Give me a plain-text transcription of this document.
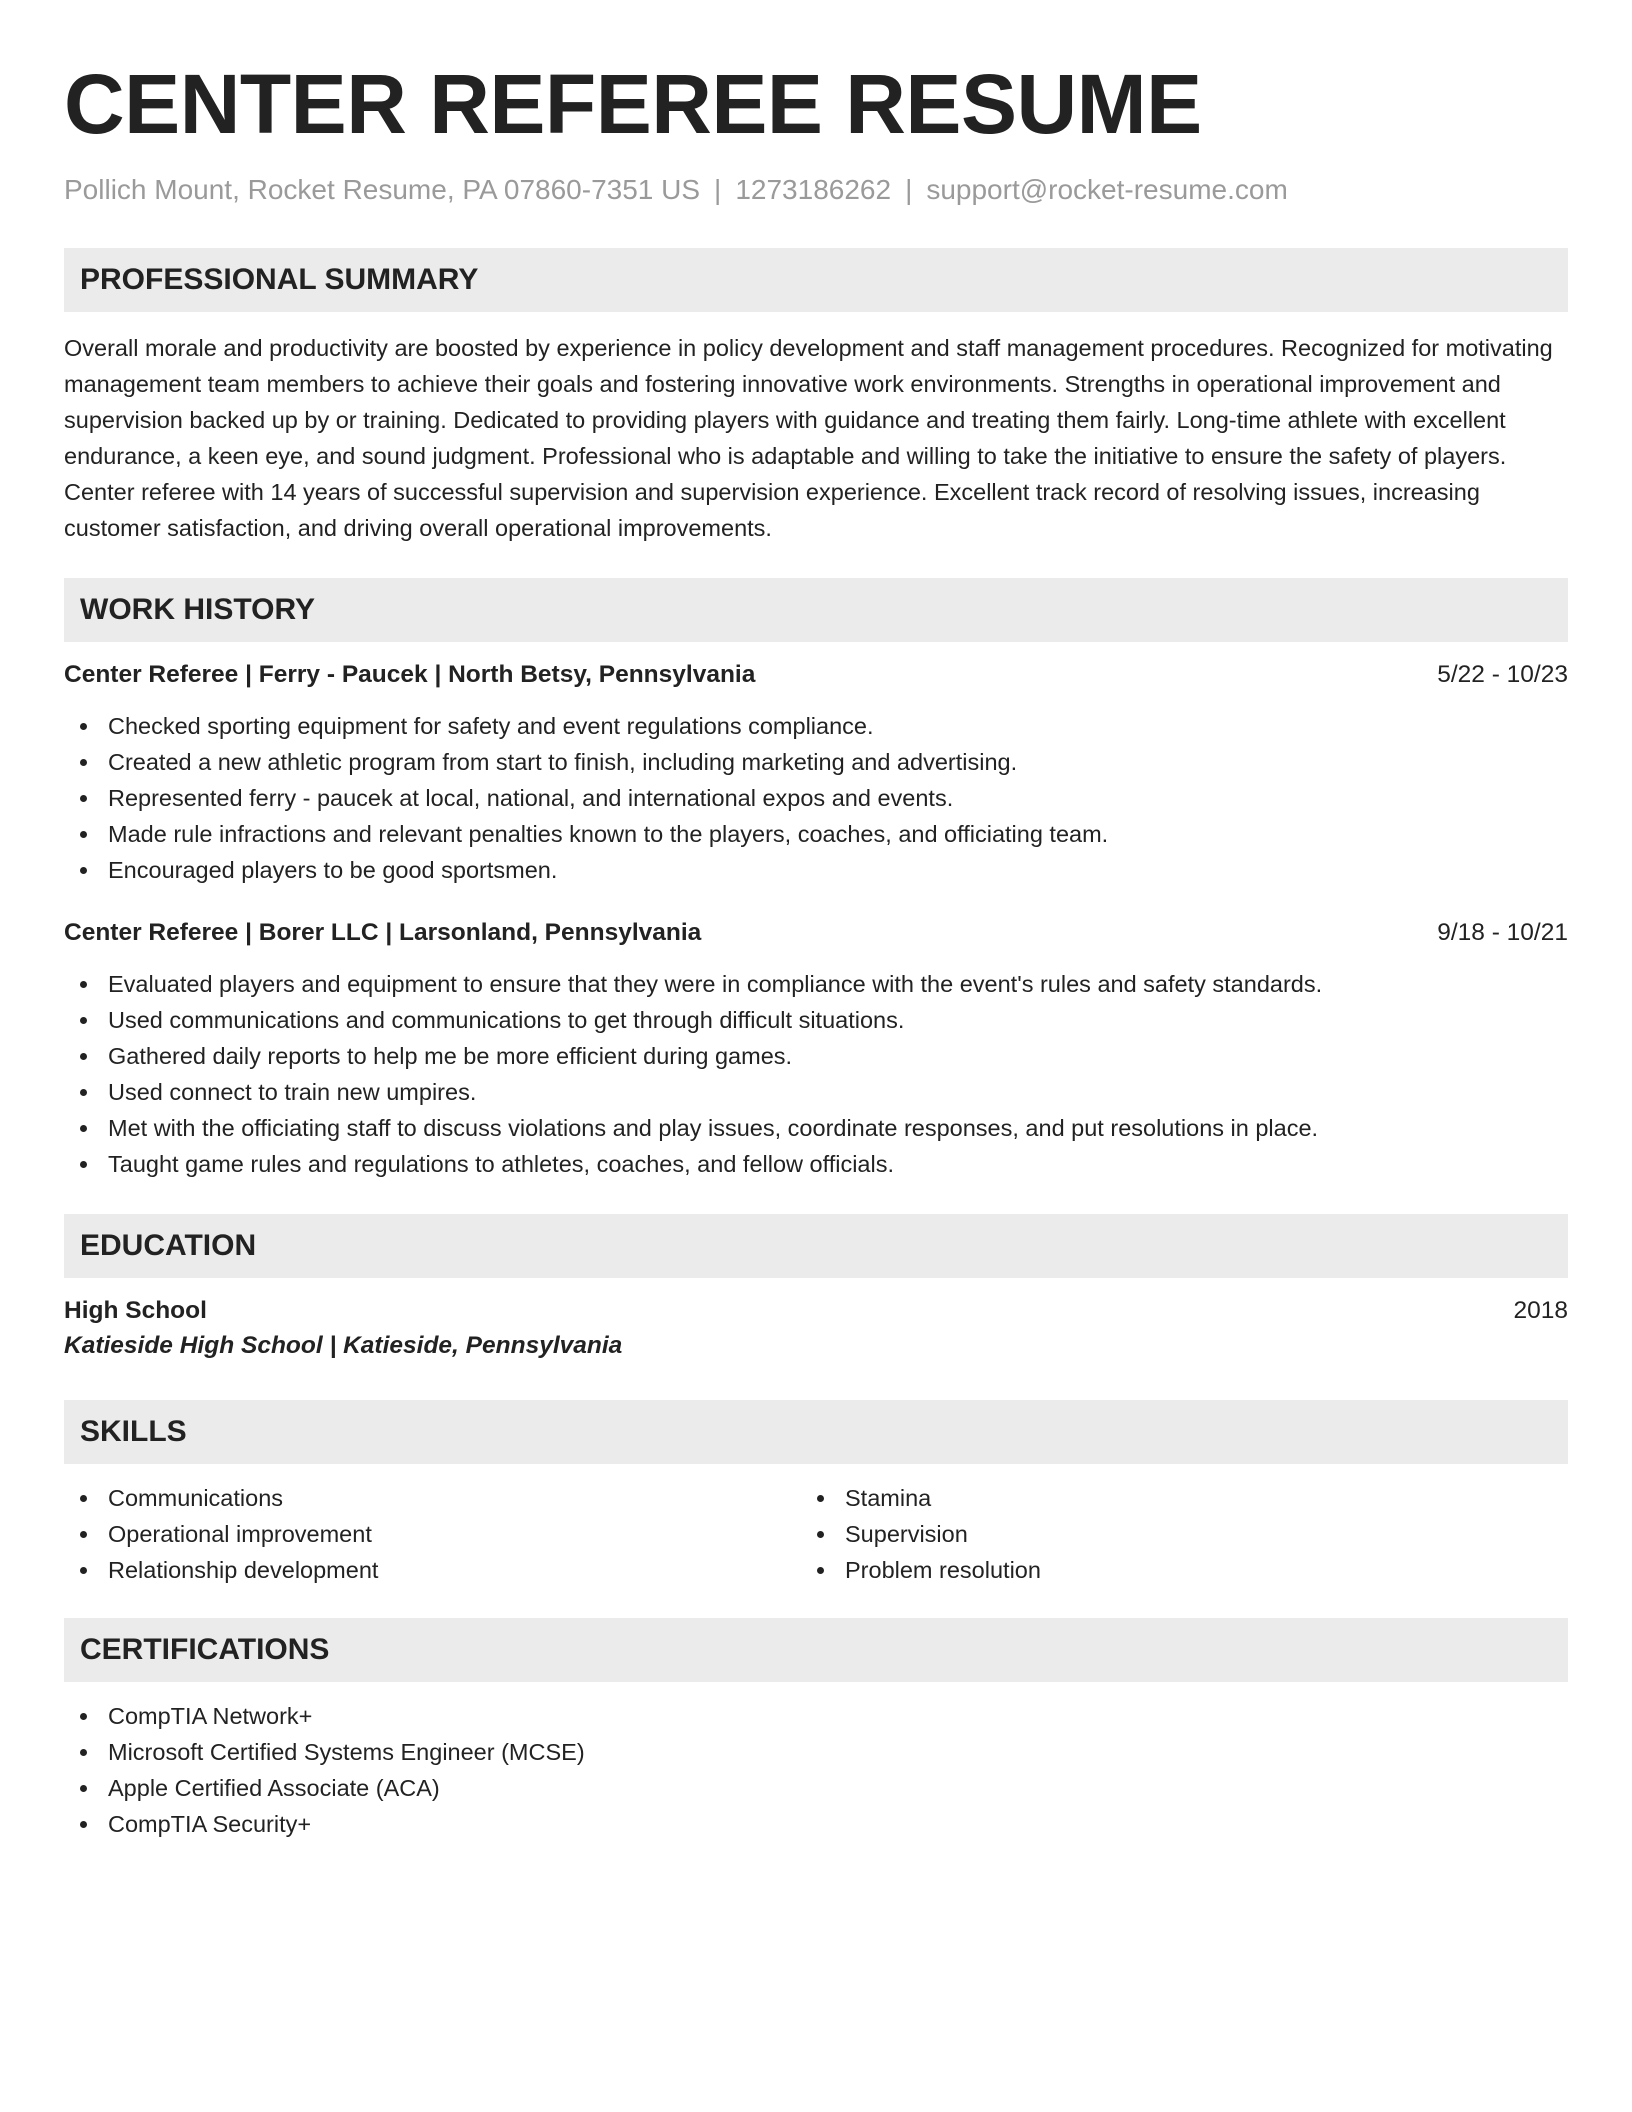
CENTER REFEREE RESUME
Pollich Mount, Rocket Resume, PA 07860-7351 US | 1273186262 | support@rocket-resume.com
PROFESSIONAL SUMMARY

Overall morale and productivity are boosted by experience in policy development and staff management procedures. Recognized for motivating management team members to achieve their goals and fostering innovative work environments. Strengths in operational improvement and supervision backed up by or training. Dedicated to providing players with guidance and treating them fairly. Long-time athlete with excellent endurance, a keen eye, and sound judgment. Professional who is adaptable and willing to take the initiative to ensure the safety of players. Center referee with 14 years of successful supervision and supervision experience. Excellent track record of resolving issues, increasing customer satisfaction, and driving overall operational improvements.

WORK HISTORY
Center Referee | Ferry - Paucek | North Betsy, Pennsylvania	5/22 - 10/23
Checked sporting equipment for safety and event regulations compliance.
Created a new athletic program from start to finish, including marketing and advertising.
Represented ferry - paucek at local, national, and international expos and events.
Made rule infractions and relevant penalties known to the players, coaches, and officiating team.
Encouraged players to be good sportsmen.
Center Referee | Borer LLC | Larsonland, Pennsylvania	9/18 - 10/21
Evaluated players and equipment to ensure that they were in compliance with the event's rules and safety standards.
Used communications and communications to get through difficult situations.
Gathered daily reports to help me be more efficient during games.
Used connect to train new umpires.
Met with the officiating staff to discuss violations and play issues, coordinate responses, and put resolutions in place.
Taught game rules and regulations to athletes, coaches, and fellow officials.
EDUCATION
High School	2018
Katieside High School | Katieside, Pennsylvania
SKILLS
Communications
Operational improvement
Relationship development
Stamina
Supervision
Problem resolution
CERTIFICATIONS
CompTIA Network+
Microsoft Certified Systems Engineer (MCSE)
Apple Certified Associate (ACA)
CompTIA Security+
